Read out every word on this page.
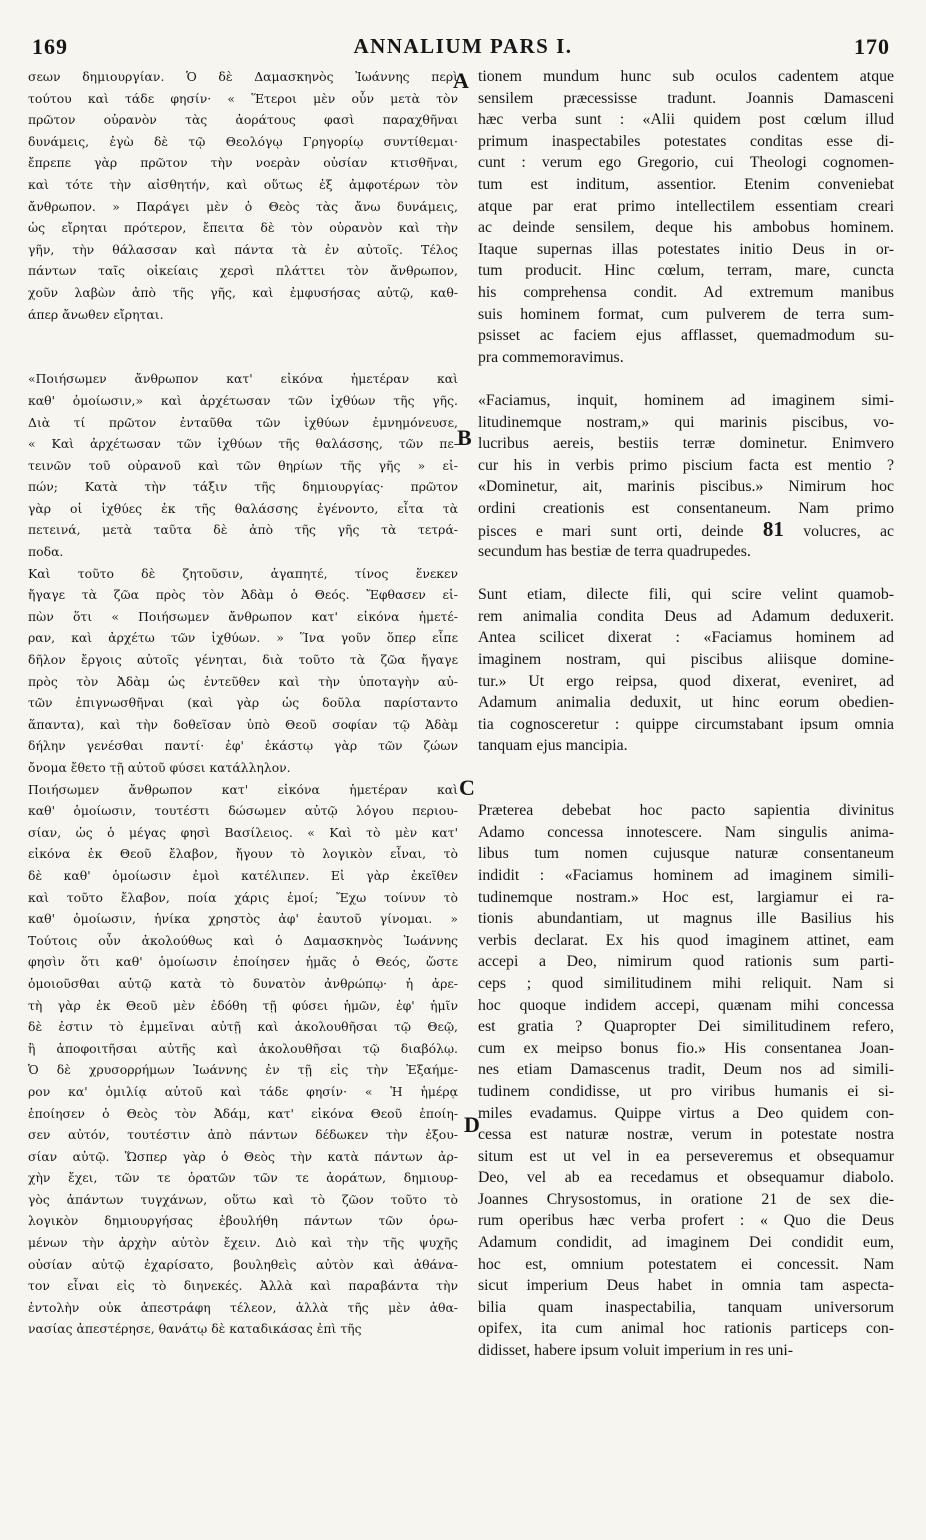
169	ANNALIUM PARS I.	170
σεων δημιουργίαν. Ὁ δὲ Δαμασκηνὸς Ἰωάννης περὶ
τούτου καὶ τάδε φησίν· « Ἕτεροι μὲν οὖν μετὰ τὸν
πρῶτον οὐρανὸν τὰς ἀοράτους φασὶ παραχθῆναι
δυνάμεις, ἐγὼ δὲ τῷ Θεολόγῳ Γρηγορίῳ συντίθεμαι·
ἔπρεπε γὰρ πρῶτον τὴν νοερὰν οὐσίαν κτισθῆναι,
καὶ τότε τὴν αἰσθητήν, καὶ οὕτως ἐξ ἀμφοτέρων τὸν
ἄνθρωπον. » Παράγει μὲν ὁ Θεὸς τὰς ἄνω δυνάμεις,
ὡς εἴρηται πρότερον, ἔπειτα δὲ τὸν οὐρανὸν καὶ τὴν
γῆν, τὴν θάλασσαν καὶ πάντα τὰ ἐν αὐτοῖς. Τέλος
πάντων ταῖς οἰκείαις χερσὶ πλάττει τὸν ἄνθρωπον,
χοῦν λαβὼν ἀπὸ τῆς γῆς, καὶ ἐμφυσήσας αὐτῷ, καθ-
άπερ ἄνωθεν εἴρηται.
«Ποιήσωμεν ἄνθρωπον κατ' εἰκόνα ἡμετέραν καὶ
καθ' ὁμοίωσιν,» καὶ ἀρχέτωσαν τῶν ἰχθύων τῆς γῆς.
Διὰ τί πρῶτον ἐνταῦθα τῶν ἰχθύων ἐμνημόνευσε,
« Καὶ ἀρχέτωσαν τῶν ἰχθύων τῆς θαλάσσης, τῶν πε-
τεινῶν τοῦ οὐρανοῦ καὶ τῶν θηρίων τῆς γῆς » εἰ-
πών; Κατὰ τὴν τάξιν τῆς δημιουργίας· πρῶτον
γὰρ οἱ ἰχθύες ἐκ τῆς θαλάσσης ἐγένοντο, εἶτα τὰ
πετεινά, μετὰ ταῦτα δὲ ἀπὸ τῆς γῆς τὰ τετρά-
ποδα.
Καὶ τοῦτο δὲ ζητοῦσιν, ἀγαπητέ, τίνος ἕνεκεν
ἤγαγε τὰ ζῶα πρὸς τὸν Ἀδὰμ ὁ Θεός. Ἔφθασεν εἰ-
πὼν ὅτι « Ποιήσωμεν ἄνθρωπον κατ' εἰκόνα ἡμετέ-
ραν, καὶ ἀρχέτω τῶν ἰχθύων. » Ἵνα γοῦν ὅπερ εἶπε
δῆλον ἔργοις αὐτοῖς γένηται, διὰ τοῦτο τὰ ζῶα ἤγαγε
πρὸς τὸν Ἀδὰμ ὡς ἐντεῦθεν καὶ τὴν ὑποταγὴν αὐ-
τῶν ἐπιγνωσθῆναι (καὶ γὰρ ὡς δοῦλα παρίσταντο
ἅπαντα), καὶ τὴν δοθεῖσαν ὑπὸ Θεοῦ σοφίαν τῷ Ἀδὰμ
δήλην γενέσθαι παντί· ἐφ' ἑκάστῳ γὰρ τῶν ζώων
ὄνομα ἔθετο τῇ αὐτοῦ φύσει κατάλληλον.
Ποιήσωμεν ἄνθρωπον κατ' εἰκόνα ἡμετέραν καὶ
καθ' ὁμοίωσιν, τουτέστι δώσωμεν αὐτῷ λόγου περιου-
σίαν, ὡς ὁ μέγας φησὶ Βασίλειος. « Καὶ τὸ μὲν κατ'
εἰκόνα ἐκ Θεοῦ ἔλαβον, ἤγουν τὸ λογικὸν εἶναι, τὸ
δὲ καθ' ὁμοίωσιν ἐμοὶ κατέλιπεν. Εἰ γὰρ ἐκεῖθεν
καὶ τοῦτο ἔλαβον, ποία χάρις ἐμοί; Ἔχω τοίνυν τὸ
καθ' ὁμοίωσιν, ἡνίκα χρηστὸς ἀφ' ἑαυτοῦ γίνομαι. »
Τούτοις οὖν ἀκολούθως καὶ ὁ Δαμασκηνὸς Ἰωάννης
φησὶν ὅτι καθ' ὁμοίωσιν ἐποίησεν ἡμᾶς ὁ Θεός, ὥστε
ὁμοιοῦσθαι αὐτῷ κατὰ τὸ δυνατὸν ἀνθρώπῳ· ἡ ἀρε-
τὴ γὰρ ἐκ Θεοῦ μὲν ἐδόθη τῇ φύσει ἡμῶν, ἐφ' ἡμῖν
δὲ ἐστιν τὸ ἐμμεῖναι αὐτῇ καὶ ἀκολουθῆσαι τῷ Θεῷ,
ἢ ἀποφοιτῆσαι αὐτῆς καὶ ἀκολουθῆσαι τῷ διαβόλῳ.
Ὁ δὲ χρυσορρήμων Ἰωάννης ἐν τῇ εἰς τὴν Ἑξαήμε-
ρον κα' ὁμιλίᾳ αὐτοῦ καὶ τάδε φησίν· « Ἡ ἡμέρᾳ
ἐποίησεν ὁ Θεὸς τὸν Ἀδάμ, κατ' εἰκόνα Θεοῦ ἐποίη-
σεν αὐτόν, τουτέστιν ἀπὸ πάντων δέδωκεν τὴν ἐξου-
σίαν αὐτῷ. Ὥσπερ γὰρ ὁ Θεὸς τὴν κατὰ πάντων ἀρ-
χὴν ἔχει, τῶν τε ὁρατῶν τῶν τε ἀοράτων, δημιουρ-
γὸς ἁπάντων τυγχάνων, οὕτω καὶ τὸ ζῶον τοῦτο τὸ
λογικὸν δημιουργήσας ἐβουλήθη πάντων τῶν ὁρω-
μένων τὴν ἀρχὴν αὐτὸν ἔχειν. Διὸ καὶ τὴν τῆς ψυχῆς
οὐσίαν αὐτῷ ἐχαρίσατο, βουληθεὶς αὐτὸν καὶ ἀθάνα-
τον εἶναι εἰς τὸ διηνεκές. Ἀλλὰ καὶ παραβάντα τὴν
ἐντολὴν οὐκ ἀπεστράφη τέλεον, ἀλλὰ τῆς μὲν ἀθα-
νασίας ἀπεστέρησε, θανάτῳ δὲ καταδικάσας ἐπὶ τῆς
tionem mundum hunc sub oculos cadentem atque
sensilem præcessisse tradunt. Joannis Damasceni
hæc verba sunt : «Alii quidem post cœlum illud
primum inaspectabiles potestates conditas esse di-
cunt : verum ego Gregorio, cui Theologi cognomen-
tum est inditum, assentior. Etenim conveniebat
atque par erat primo intellectilem essentiam creari
ac deinde sensilem, deque his ambobus hominem.
Itaque supernas illas potestates initio Deus in or-
tum producit. Hinc cœlum, terram, mare, cuncta
his comprehensa condit. Ad extremum manibus
suis hominem format, cum pulverem de terra sum-
psisset ac faciem ejus afflasset, quemadmodum su-
pra commemoravimus.
«Faciamus, inquit, hominem ad imaginem simi-
litudinemque nostram,» qui marinis piscibus, vo-
lucribus aereis, bestiis terræ dominetur. Enimvero
cur his in verbis primo piscium facta est mentio ?
«Dominetur, ait, marinis piscibus.» Nimirum hoc
ordini creationis est consentaneum. Nam primo
pisces e mari sunt orti, deinde 81 volucres, ac
secundum has bestiæ de terra quadrupedes.
Sunt etiam, dilecte fili, qui scire velint quamob-
rem animalia condita Deus ad Adamum deduxerit.
Antea scilicet dixerat : «Faciamus hominem ad
imaginem nostram, qui piscibus aliisque domine-
tur.» Ut ergo reipsa, quod dixerat, eveniret, ad
Adamum animalia deduxit, ut hinc eorum obedien-
tia cognosceretur : quippe circumstabant ipsum omnia
tanquam ejus mancipia.
Præterea debebat hoc pacto sapientia divinitus
Adamo concessa innotescere. Nam singulis anima-
libus tum nomen cujusque naturæ consentaneum
indidit : «Faciamus hominem ad imaginem simili-
tudinemque nostram.» Hoc est, largiamur ei ra-
tionis abundantiam, ut magnus ille Basilius his
verbis declarat. Ex his quod imaginem attinet, eam
accepi a Deo, nimirum quod rationis sum parti-
ceps ; quod similitudinem mihi reliquit. Nam si
hoc quoque indidem accepi, quænam mihi concessa
est gratia ? Quapropter Dei similitudinem refero,
cum ex meipso bonus fio.» His consentanea Joan-
nes etiam Damascenus tradit, Deum nos ad simili-
tudinem condidisse, ut pro viribus humanis ei si-
miles evadamus. Quippe virtus a Deo quidem con-
cessa est naturæ nostræ, verum in potestate nostra
situm est ut vel in ea perseveremus et obsequamur
Deo, vel ab ea recedamus et obsequamur diabolo.
Joannes Chrysostomus, in oratione 21 de sex die-
rum operibus hæc verba profert : « Quo die Deus
Adamum condidit, ad imaginem Dei condidit eum,
hoc est, omnium potestatem ei concessit. Nam
sicut imperium Deus habet in omnia tam aspecta-
bilia quam inaspectabilia, tanquam universorum
opifex, ita cum animal hoc rationis particeps con-
didisset, habere ipsum voluit imperium in res uni-
A
B
C
D
